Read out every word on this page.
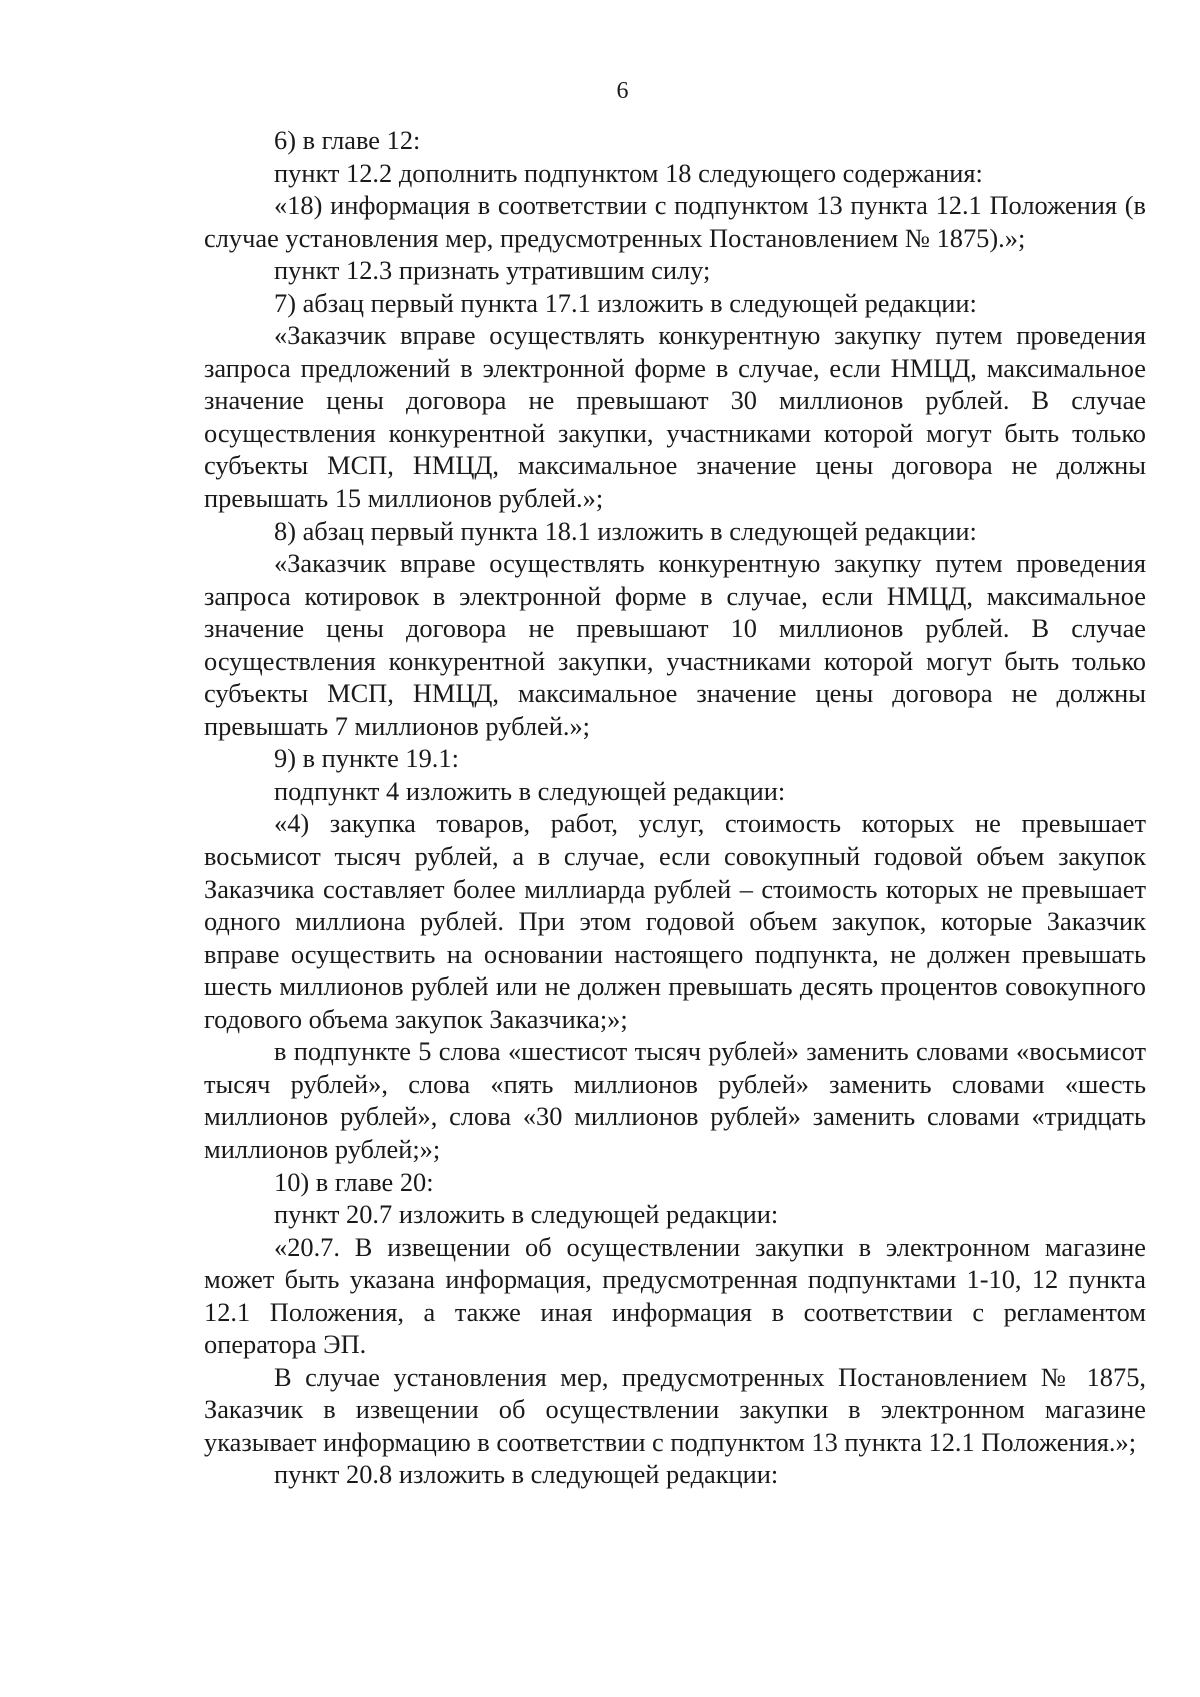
6

6) в главе 12:

пункт 12.2 дополнить подпунктом 18 следующего содержания:

«18) информация в соответствии с подпунктом 13 пункта 12.1 Положения (в случае установления мер, предусмотренных Постановлением № 1875).»;

пункт 12.3 признать утратившим силу;

7) абзац первый пункта 17.1 изложить в следующей редакции:

«Заказчик вправе осуществлять конкурентную закупку путем проведения запроса предложений в электронной форме в случае, если НМЦД, максимальное значение цены договора не превышают 30 миллионов рублей. В случае осуществления конкурентной закупки, участниками которой могут быть только субъекты МСП, НМЦД, максимальное значение цены договора не должны превышать 15 миллионов рублей.»;

8) абзац первый пункта 18.1 изложить в следующей редакции:

«Заказчик вправе осуществлять конкурентную закупку путем проведения запроса котировок в электронной форме в случае, если НМЦД, максимальное значение цены договора не превышают 10 миллионов рублей. В случае осуществления конкурентной закупки, участниками которой могут быть только субъекты МСП, НМЦД, максимальное значение цены договора не должны превышать 7 миллионов рублей.»;

9) в пункте 19.1:

подпункт 4 изложить в следующей редакции:

«4) закупка товаров, работ, услуг, стоимость которых не превышает восьмисот тысяч рублей, а в случае, если совокупный годовой объем закупок Заказчика составляет более миллиарда рублей – стоимость которых не превышает одного миллиона рублей. При этом годовой объем закупок, которые Заказчик вправе осуществить на основании настоящего подпункта, не должен превышать шесть миллионов рублей или не должен превышать десять процентов совокупного годового объема закупок Заказчика;»;

в подпункте 5 слова «шестисот тысяч рублей» заменить словами «восьмисот тысяч рублей», слова «пять миллионов рублей» заменить словами «шесть миллионов рублей», слова «30 миллионов рублей» заменить словами «тридцать миллионов рублей;»;

10) в главе 20:

пункт 20.7 изложить в следующей редакции:

«20.7. В извещении об осуществлении закупки в электронном магазине может быть указана информация, предусмотренная подпунктами 1-10, 12 пункта 12.1 Положения, а также иная информация в соответствии с регламентом оператора ЭП.

В случае установления мер, предусмотренных Постановлением № 1875, Заказчик в извещении об осуществлении закупки в электронном магазине указывает информацию в соответствии с подпунктом 13 пункта 12.1 Положения.»;

пункт 20.8 изложить в следующей редакции:
